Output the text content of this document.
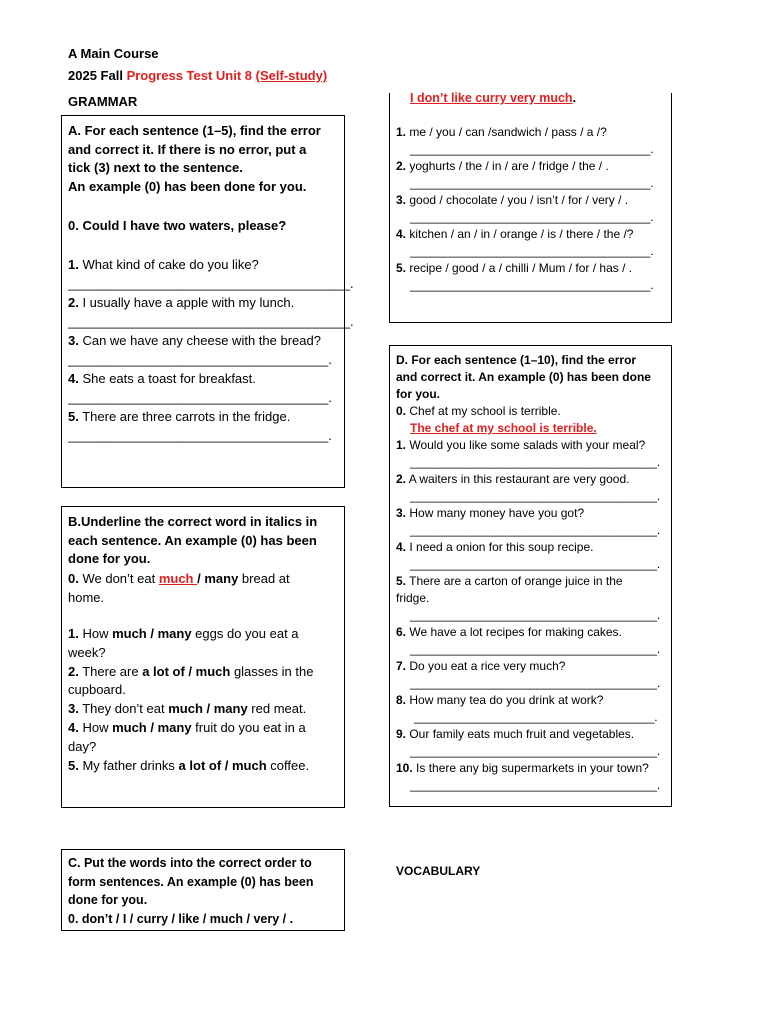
A Main Course
2025 Fall Progress Test Unit 8 (Self-study)
GRAMMAR
A. For each sentence (1–5), find the error
and correct it. If there is no error, put a
tick (3) next to the sentence.
An example (0) has been done for you.
0. Could I have two waters, please?
1. What kind of cake do you like?
_______________________________________.
2. I usually have a apple with my lunch.
_______________________________________.
3. Can we have any cheese with the bread?
____________________________________.
4. She eats a toast for breakfast.
____________________________________.
5. There are three carrots in the fridge.
____________________________________.
B.Underline the correct word in italics in
each sentence. An example (0) has been
done for you.
0. We don’t eat much / many bread at
home.
1. How much / many eggs do you eat a
week?
2. There are a lot of / much glasses in the
cupboard.
3. They don’t eat much / many red meat.
4. How much / many fruit do you eat in a
day?
5. My father drinks a lot of / much coffee.
C. Put the words into the correct order to
form sentences. An example (0) has been
done for you.
0. don’t / I / curry / like / much / very / .
I don’t like curry very much.
1. me / you / can /sandwich / pass / a /?
____________________________________.
2. yoghurts / the / in / are / fridge / the / .
____________________________________.
3. good / chocolate / you / isn’t / for / very / .
____________________________________.
4. kitchen / an / in / orange / is / there / the /?
____________________________________.
5. recipe / good / a / chilli / Mum / for / has / .
____________________________________.
D. For each sentence (1–10), find the error
and correct it. An example (0) has been done
for you.
0. Chef at my school is terrible.
The chef at my school is terrible.
1. Would you like some salads with your meal?
_____________________________________.
2. A waiters in this restaurant are very good.
_____________________________________.
3. How many money have you got?
_____________________________________.
4. I need a onion for this soup recipe.
_____________________________________.
5. There are a carton of orange juice in the
fridge.
_____________________________________.
6. We have a lot recipes for making cakes.
_____________________________________.
7. Do you eat a rice very much?
_____________________________________.
8. How many tea do you drink at work?
____________________________________.
9. Our family eats much fruit and vegetables.
_____________________________________.
10. Is there any big supermarkets in your town?
_____________________________________.
VOCABULARY
